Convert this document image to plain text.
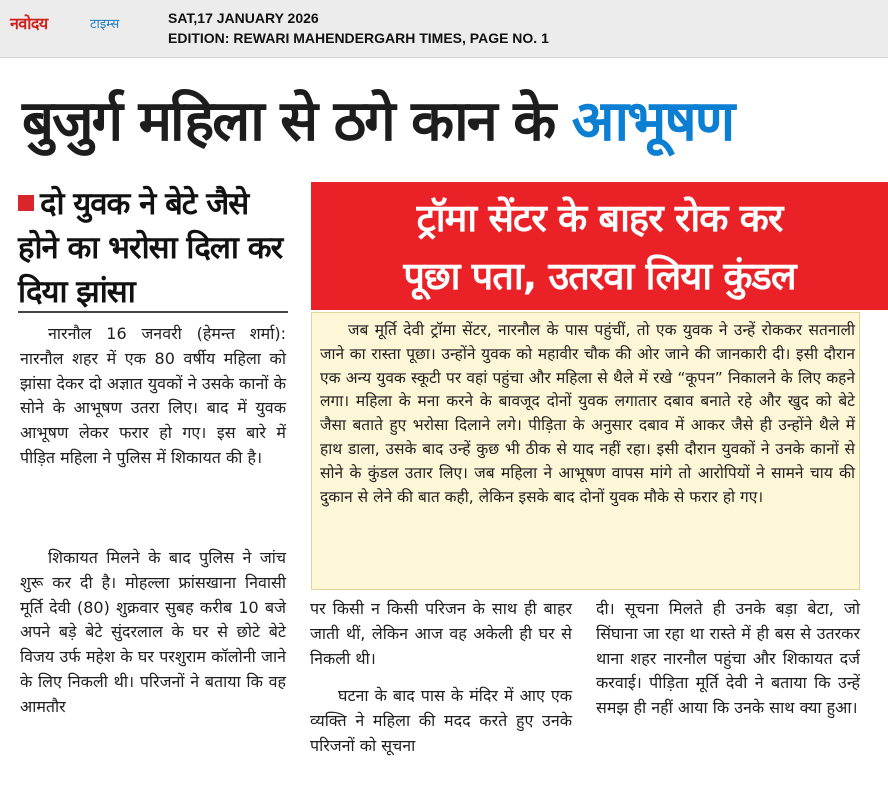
नवोदय	टाइम्स	SAT,17 JANUARY 2026
EDITION: REWARI MAHENDERGARH TIMES, PAGE NO. 1
बुजुर्ग महिला से ठगे कान के आभूषण
दो युवक ने बेटे जैसे होने का भरोसा दिला कर दिया झांसा
ट्रॉमा सेंटर के बाहर रोक कर
पूछा पता, उतरवा लिया कुंडल

जब मूर्ति देवी ट्रॉमा सेंटर, नारनौल के पास पहुंचीं, तो एक युवक ने उन्हें रोककर सतनाली जाने का रास्ता पूछा। उन्होंने युवक को महावीर चौक की ओर जाने की जानकारी दी। इसी दौरान एक अन्य युवक स्कूटी पर वहां पहुंचा और महिला से थैले में रखे “कूपन” निकालने के लिए कहने लगा। महिला के मना करने के बावजूद दोनों युवक लगातार दबाव बनाते रहे और खुद को बेटे जैसा बताते हुए भरोसा दिलाने लगे। पीड़िता के अनुसार दबाव में आकर जैसे ही उन्होंने थैले में हाथ डाला, उसके बाद उन्हें कुछ भी ठीक से याद नहीं रहा। इसी दौरान युवकों ने उनके कानों से सोने के कुंडल उतार लिए। जब महिला ने आभूषण वापस मांगे तो आरोपियों ने सामने चाय की दुकान से लेने की बात कही, लेकिन इसके बाद दोनों युवक मौके से फरार हो गए।

नारनौल 16 जनवरी (हेमन्त शर्मा): नारनौल शहर में एक 80 वर्षीय महिला को झांसा देकर दो अज्ञात युवकों ने उसके कानों के सोने के आभूषण उतरा लिए। बाद में युवक आभूषण लेकर फरार हो गए। इस बारे में पीड़ित महिला ने पुलिस में शिकायत की है।
शिकायत मिलने के बाद पुलिस ने जांच शुरू कर दी है। मोहल्ला फ्रांसखाना निवासी मूर्ति देवी (80) शुक्रवार सुबह करीब 10 बजे अपने बड़े बेटे सुंदरलाल के घर से छोटे बेटे विजय उर्फ महेश के घर परशुराम कॉलोनी जाने के लिए निकली थी। परिजनों ने बताया कि वह आमतौर
पर किसी न किसी परिजन के साथ ही बाहर जाती थीं, लेकिन आज वह अकेली ही घर से निकली थी।
घटना के बाद पास के मंदिर में आए एक व्यक्ति ने महिला की मदद करते हुए उनके परिजनों को सूचना
दी। सूचना मिलते ही उनके बड़ा बेटा, जो सिंघाना जा रहा था रास्ते में ही बस से उतरकर थाना शहर नारनौल पहुंचा और शिकायत दर्ज करवाई। पीड़िता मूर्ति देवी ने बताया कि उन्हें समझ ही नहीं आया कि उनके साथ क्या हुआ।
